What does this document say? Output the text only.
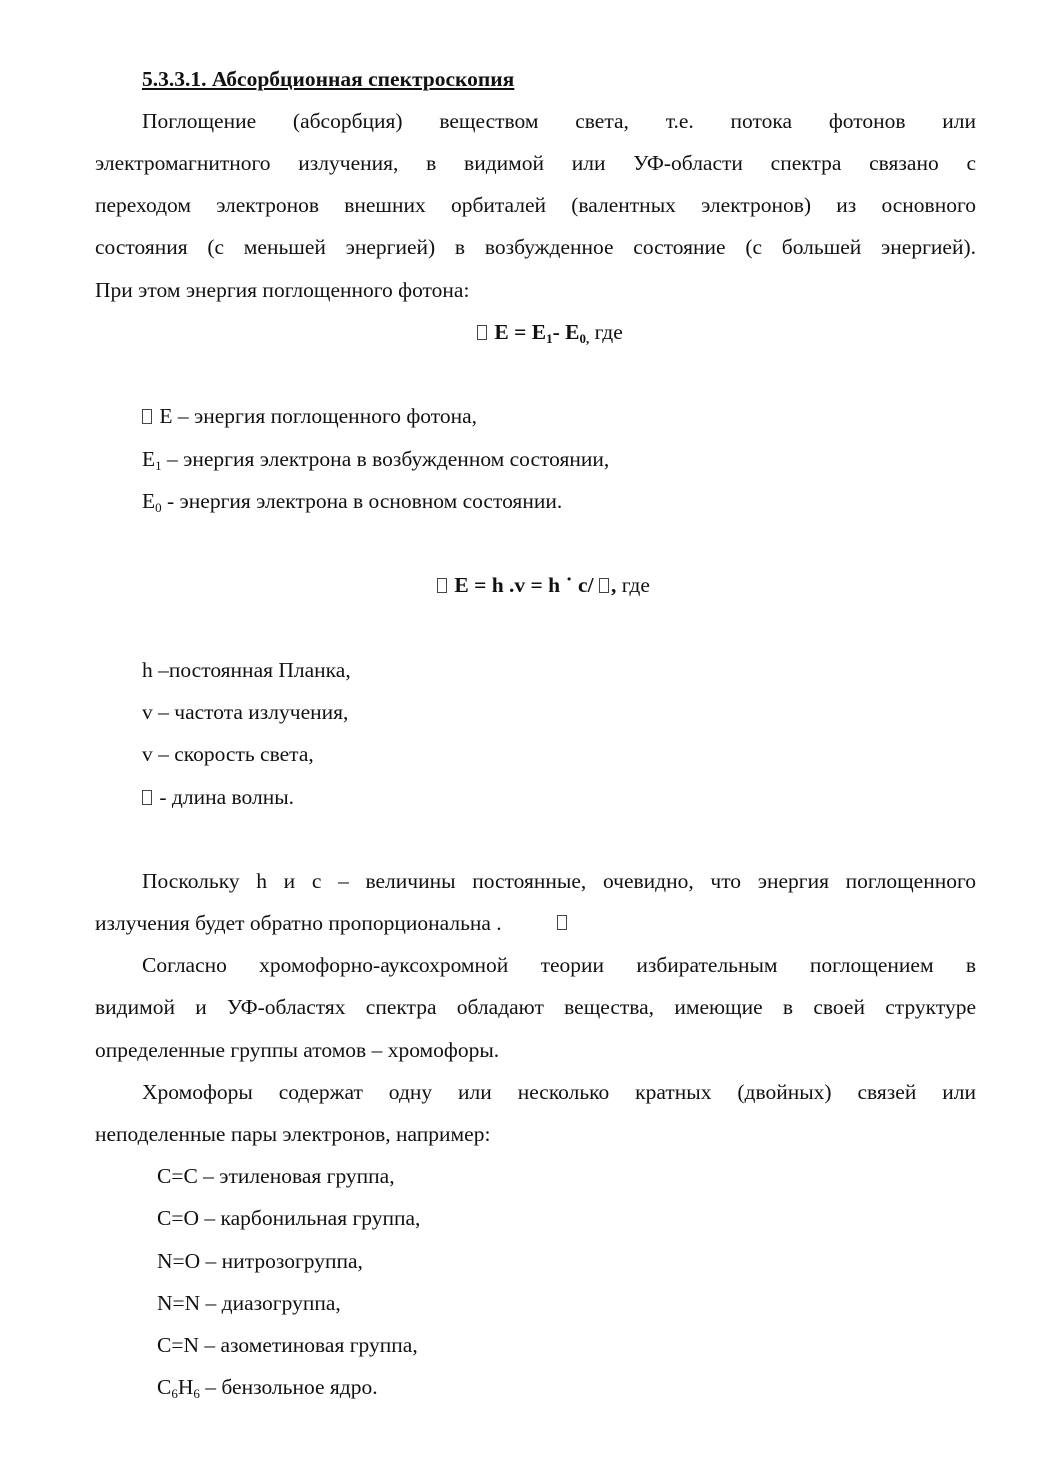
5.3.3.1. Абсорбционная спектроскопия
Поглощение (абсорбция) веществом света, т.е. потока фотонов или
электромагнитного излучения, в видимой или УФ-области спектра связано с
переходом электронов внешних орбиталей (валентных электронов) из основного
состояния (с меньшей энергией) в возбужденное состояние (с большей энергией).
При этом энергия поглощенного фотона:
$E = E_1-$ $E_{0,}$ где
E – энергия поглощенного фотона,
$E_1$ – энергия электрона в возбужденном состоянии,
$E_0$ - энергия электрона в основном состоянии.
E = h .v = h ˙ c/ , где
h –постоянная Планка,
v – частота излучения,
v – скорость света,
- длина волны.
Поскольку h и c – величины постоянные, очевидно, что энергия поглощенного
излучения будет обратно пропорциональна .
Согласно хромофорно-ауксохромной теории избирательным поглощением в
видимой и УФ-областях спектра обладают вещества, имеющие в своей структуре
определенные группы атомов – хромофоры.
Хромофоры содержат одну или несколько кратных (двойных) связей или
неподеленные пары электронов, например:
C=C – этиленовая группа,
C=O – карбонильная группа,
N=O – нитрозогруппа,
N=N – диазогруппа,
C=N – азометиновая группа,
$C_6H_6$ – бензольное ядро.
